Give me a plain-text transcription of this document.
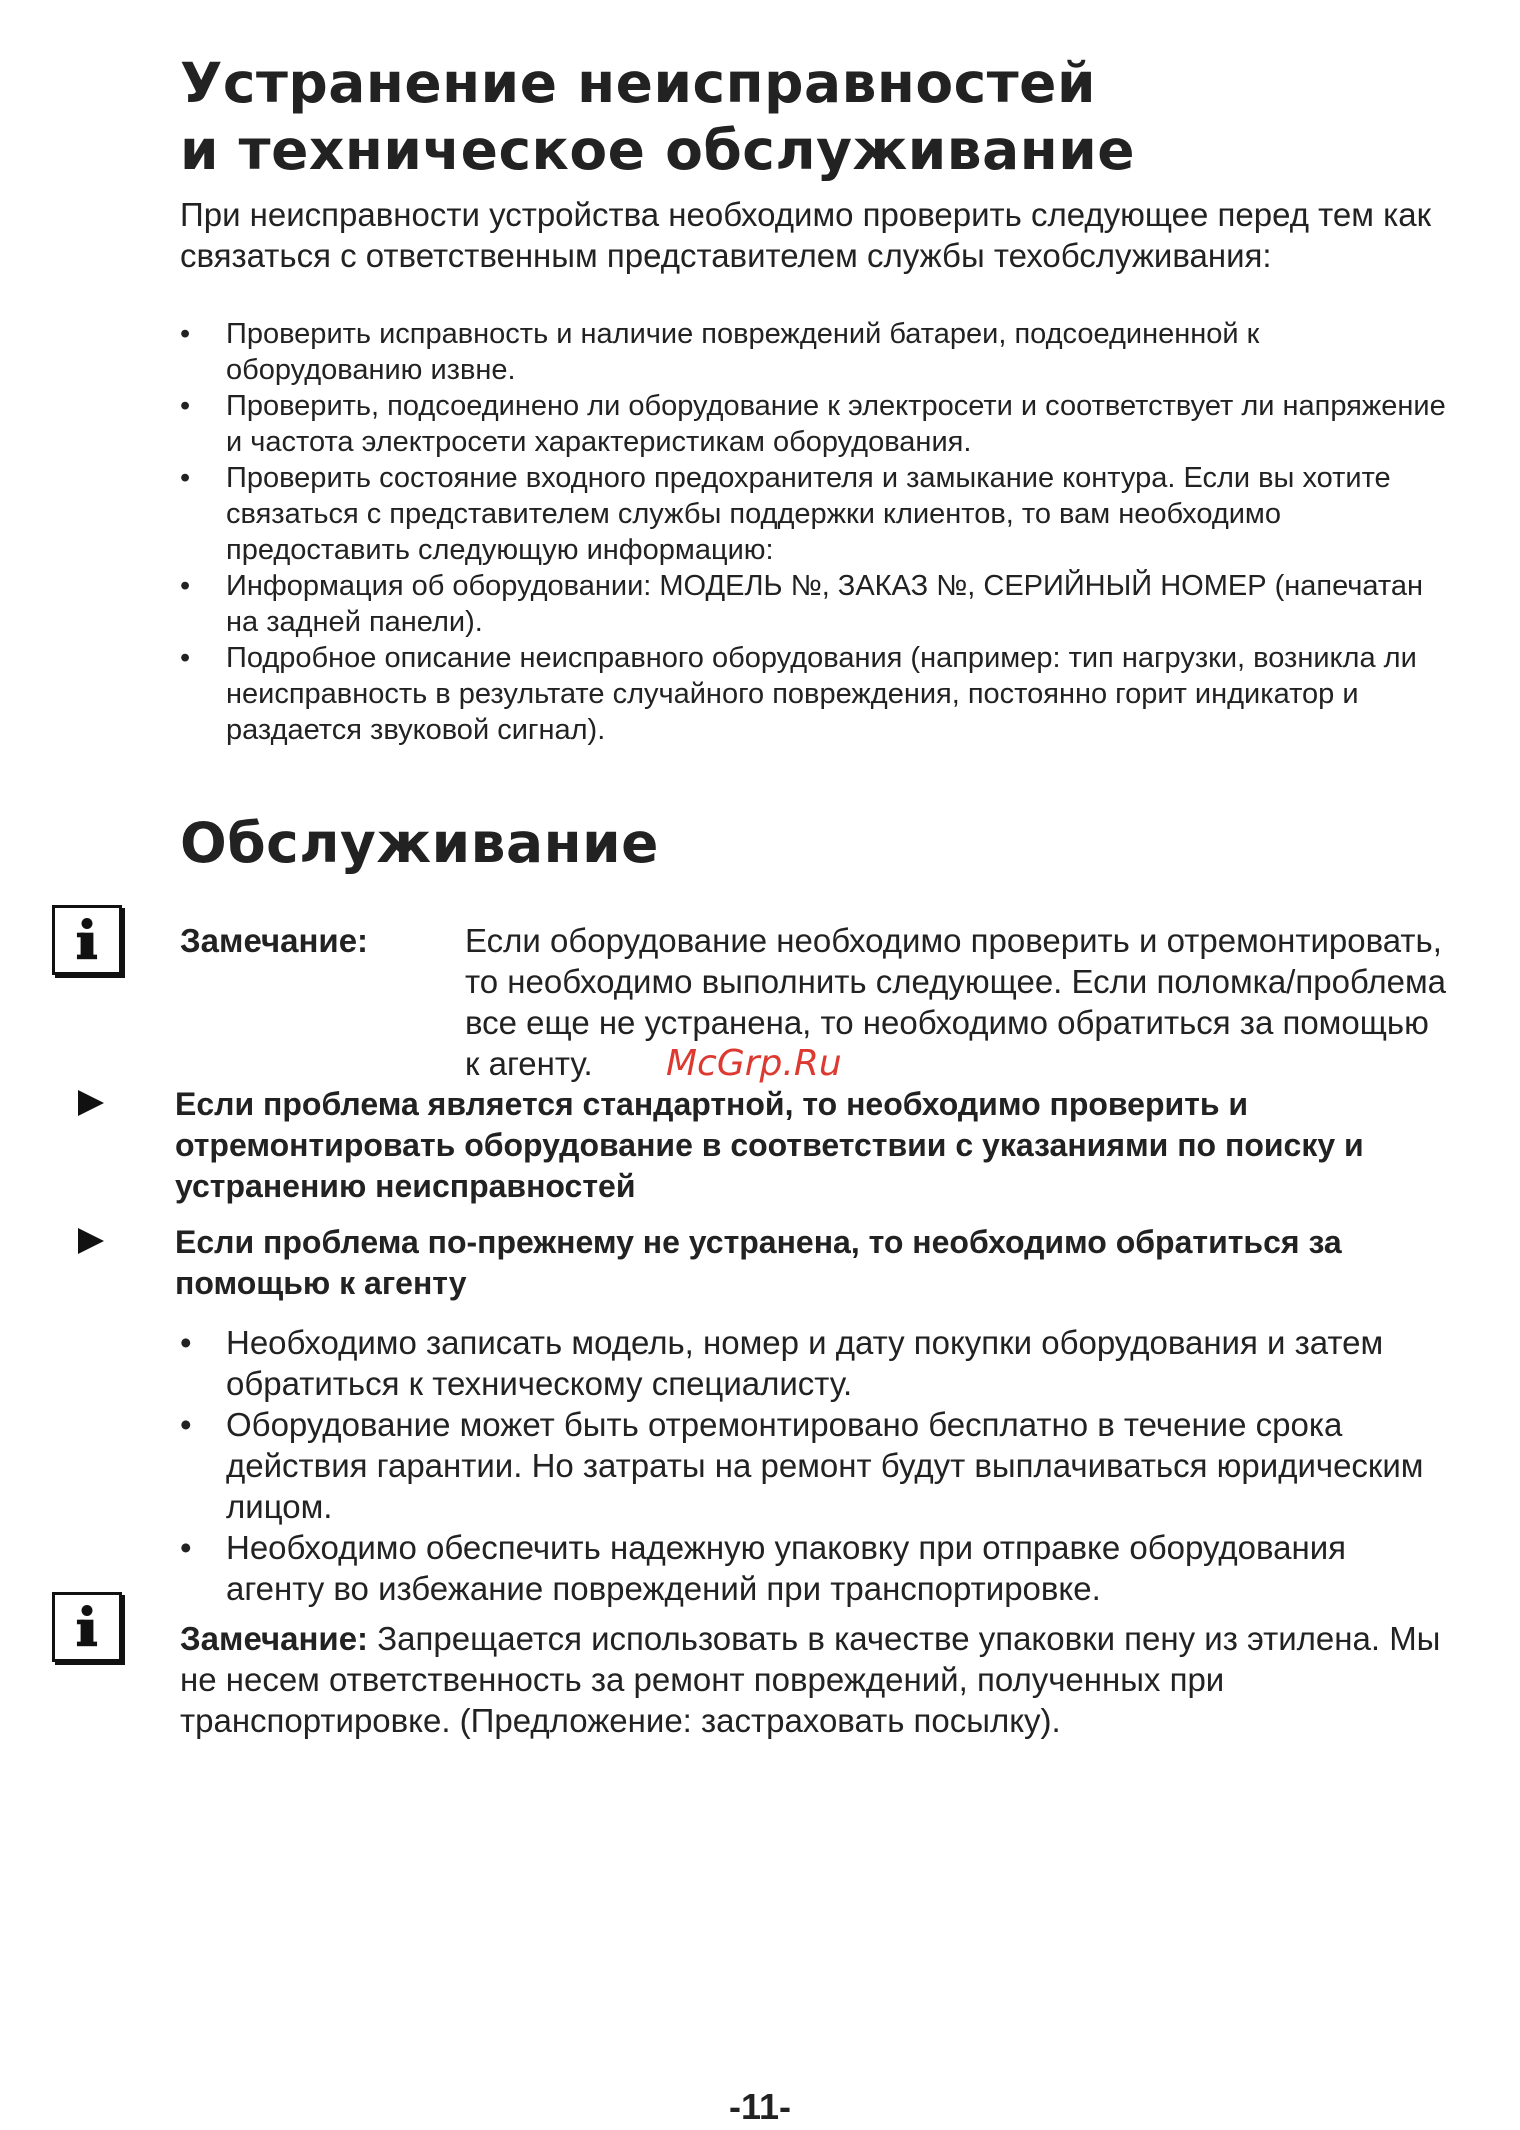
Устранение неисправностей
и техническое обслуживание

При неисправности устройства необходимо проверить следующее перед тем как связаться с ответственным представителем службы техобслуживания:

• Проверить исправность и наличие повреждений батареи, подсоединенной к оборудованию извне.
• Проверить, подсоединено ли оборудование к электросети и соответствует ли напряжение и частота электросети характеристикам оборудования.
• Проверить состояние входного предохранителя и замыкание контура. Если вы хотите связаться с представителем службы поддержки клиентов, то вам необходимо предоставить следующую информацию:
• Информация об оборудовании: МОДЕЛЬ №, ЗАКАЗ №, СЕРИЙНЫЙ НОМЕР (напечатан на задней панели).
• Подробное описание неисправного оборудования (например: тип нагрузки, возникла ли неисправность в результате случайного повреждения, постоянно горит индикатор и раздается звуковой сигнал).
Обслуживание
Замечание:	Если оборудование необходимо проверить и отремонтировать, то необходимо выполнить следующее. Если поломка/проблема все еще не устранена, то необходимо обратиться за помощью к агенту.	McGrp.Ru
Если проблема является стандартной, то необходимо проверить и отремонтировать оборудование в соответствии с указаниями по поиску и устранению неисправностей
Если проблема по-прежнему не устранена, то необходимо обратиться за помощью к агенту
• Необходимо записать модель, номер и дату покупки оборудования и затем обратиться к техническому специалисту.
• Оборудование может быть отремонтировано бесплатно в течение срока действия гарантии. Но затраты на ремонт будут выплачиваться юридическим лицом.
• Необходимо обеспечить надежную упаковку при отправке оборудования агенту во избежание повреждений при транспортировке.

Замечание: Запрещается использовать в качестве упаковки пену из этилена. Мы не несем ответственность за ремонт повреждений, полученных при транспортировке. (Предложение: застраховать посылку).

-11-
